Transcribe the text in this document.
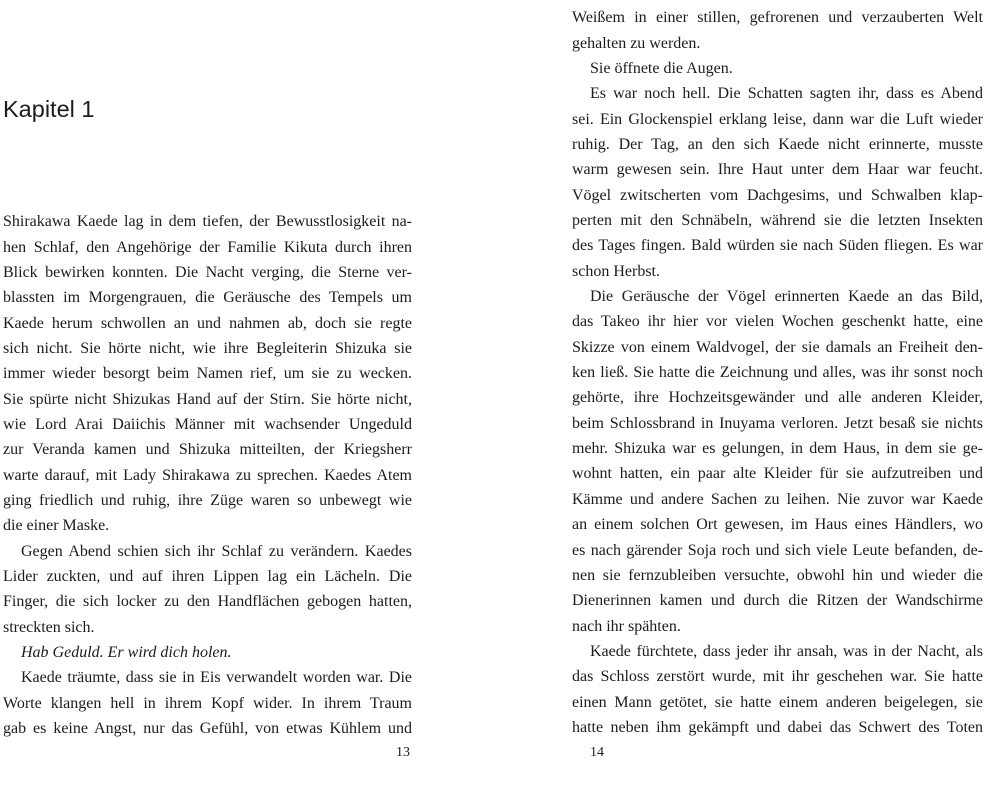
Kapitel 1
Shirakawa Kaede lag in dem tiefen, der Bewusstlosigkeit na-
hen Schlaf, den Angehörige der Familie Kikuta durch ihren
Blick bewirken konnten. Die Nacht verging, die Sterne ver-
blassten im Morgengrauen, die Geräusche des Tempels um
Kaede herum schwollen an und nahmen ab, doch sie regte
sich nicht. Sie hörte nicht, wie ihre Begleiterin Shizuka sie
immer wieder besorgt beim Namen rief, um sie zu wecken.
Sie spürte nicht Shizukas Hand auf der Stirn. Sie hörte nicht,
wie Lord Arai Daiichis Männer mit wachsender Ungeduld
zur Veranda kamen und Shizuka mitteilten, der Kriegsherr
warte darauf, mit Lady Shirakawa zu sprechen. Kaedes Atem
ging friedlich und ruhig, ihre Züge waren so unbewegt wie
die einer Maske.
Gegen Abend schien sich ihr Schlaf zu verändern. Kaedes
Lider zuckten, und auf ihren Lippen lag ein Lächeln. Die
Finger, die sich locker zu den Handflächen gebogen hatten,
streckten sich.
Hab Geduld. Er wird dich holen.
Kaede träumte, dass sie in Eis verwandelt worden war. Die
Worte klangen hell in ihrem Kopf wider. In ihrem Traum
gab es keine Angst, nur das Gefühl, von etwas Kühlem und
13
Weißem in einer stillen, gefrorenen und verzauberten Welt
gehalten zu werden.
Sie öffnete die Augen.
Es war noch hell. Die Schatten sagten ihr, dass es Abend
sei. Ein Glockenspiel erklang leise, dann war die Luft wieder
ruhig. Der Tag, an den sich Kaede nicht erinnerte, musste
warm gewesen sein. Ihre Haut unter dem Haar war feucht.
Vögel zwitscherten vom Dachgesims, und Schwalben klap-
perten mit den Schnäbeln, während sie die letzten Insekten
des Tages fingen. Bald würden sie nach Süden fliegen. Es war
schon Herbst.
Die Geräusche der Vögel erinnerten Kaede an das Bild,
das Takeo ihr hier vor vielen Wochen geschenkt hatte, eine
Skizze von einem Waldvogel, der sie damals an Freiheit den-
ken ließ. Sie hatte die Zeichnung und alles, was ihr sonst noch
gehörte, ihre Hochzeitsgewänder und alle anderen Kleider,
beim Schlossbrand in Inuyama verloren. Jetzt besaß sie nichts
mehr. Shizuka war es gelungen, in dem Haus, in dem sie ge-
wohnt hatten, ein paar alte Kleider für sie aufzutreiben und
Kämme und andere Sachen zu leihen. Nie zuvor war Kaede
an einem solchen Ort gewesen, im Haus eines Händlers, wo
es nach gärender Soja roch und sich viele Leute befanden, de-
nen sie fernzubleiben versuchte, obwohl hin und wieder die
Dienerinnen kamen und durch die Ritzen der Wandschirme
nach ihr spähten.
Kaede fürchtete, dass jeder ihr ansah, was in der Nacht, als
das Schloss zerstört wurde, mit ihr geschehen war. Sie hatte
einen Mann getötet, sie hatte einem anderen beigelegen, sie
hatte neben ihm gekämpft und dabei das Schwert des Toten
14
